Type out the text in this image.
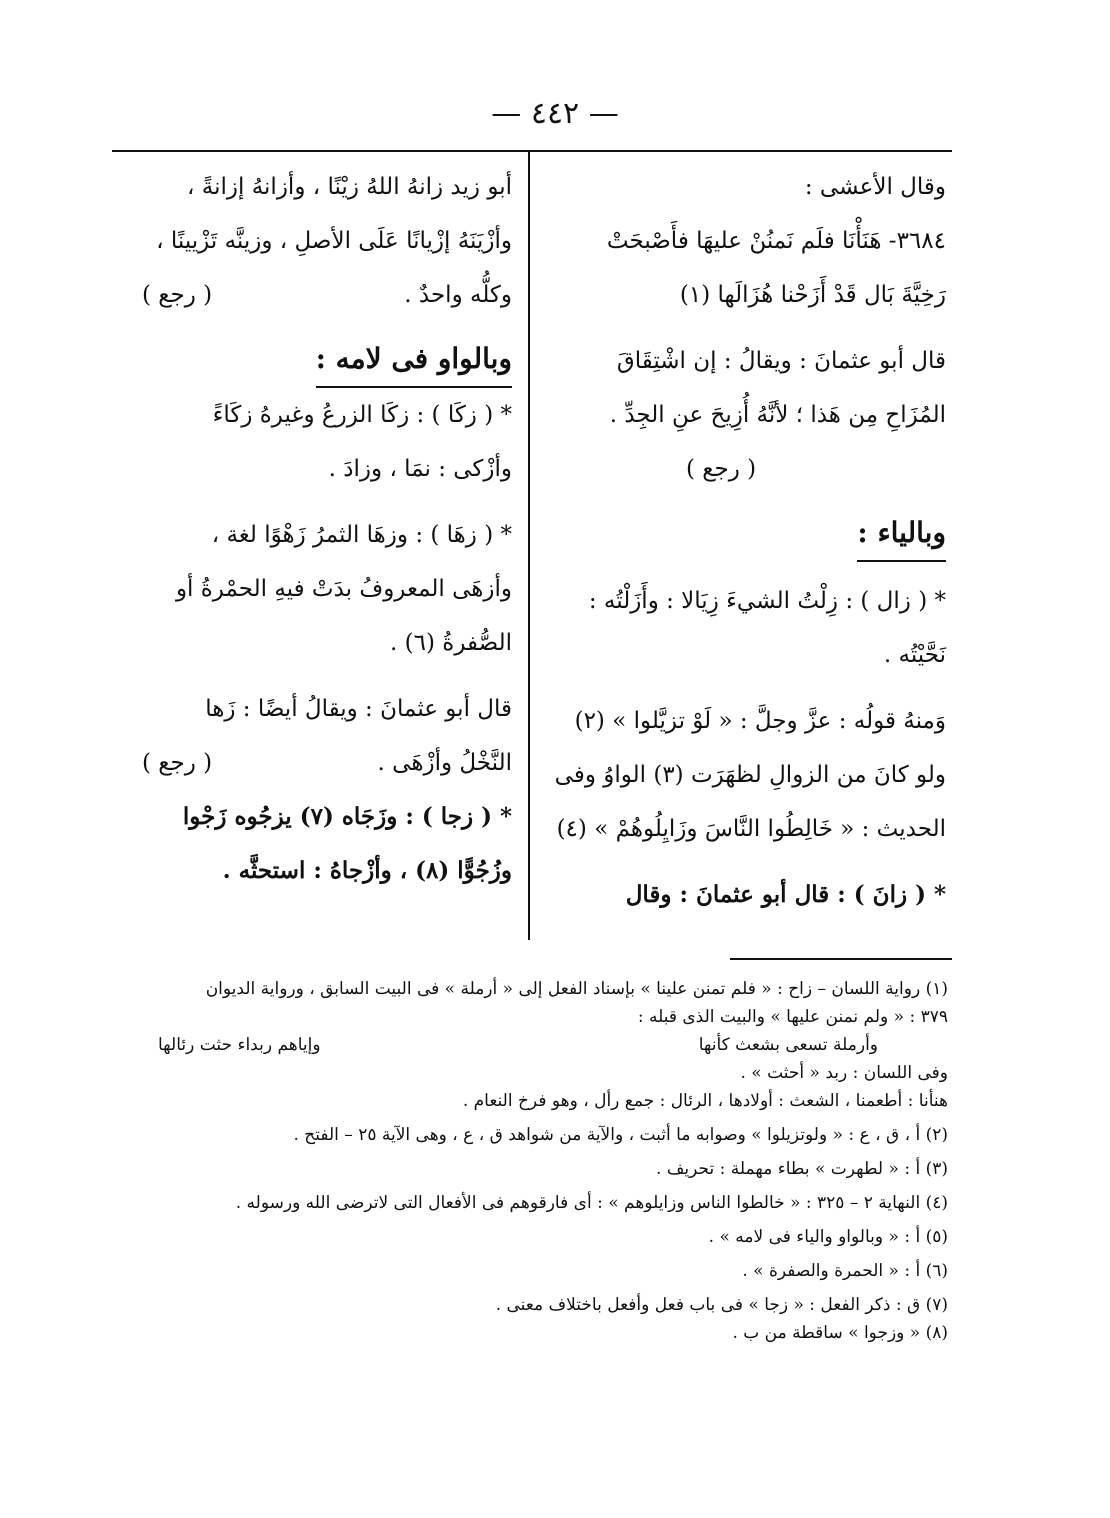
— ٤٤٢ —

وقال الأعشى :

٣٦٨٤- هَنَأْنَا فلَم نَمنُنْ عليهَا فأَصْبحَتْ

رَخِيَّةَ بَال قَدْ أَزَحْنا هُزَالَها (١)

قال أبو عثمانَ : ويقالُ : إن اشْتِقَاقَ

المُزَاحِ مِن هَذا ؛ لأنَّهُ أُزِيحَ عنِ الجِدِّ .

( رجع )

وبالياء :

* ( زال ) : زِلْتُ الشيءَ زِيَالا : وأَزَلْتُه :

نَحَّيْتُه .

وَمنهُ قولُه : عزَّ وجلَّ : « لَوْ تزيَّلوا » (٢)

ولو كانَ من الزوالِ لظهَرَت (٣) الواوُ وفى

الحديث : « خَالِطُوا النَّاسَ وزَايِلُوهُمْ » (٤)

* ( زانَ ) : قال أبو عثمانَ : وقال

أبو زيد زانهُ اللهُ زيْنًا ، وأزانهُ إزانةً ،

وأزْيَنَهُ إزْيانًا عَلَى الأصلِ ، وزينَّه تَزْيينًا ،

وكلُّه واحدٌ .
( رجع )

وبالواو فى لامه :

* ( زكَا ) : زكَا الزرعُ وغيرهُ زكَاءً

وأزْكى : نمَا ، وزادَ .

* ( زهَا ) : وزهَا الثمرُ زَهْوًا لغة ،

وأزهَى المعروفُ بدَتْ فيهِ الحمْرةُ أو

الصُّفرةُ (٦) .

قال أبو عثمانَ : ويقالُ أيضًا : زَها

النَّخْلُ وأزْهَى .
( رجع )

* ( زجا ) : وزَجَاه (٧) يزجُوه زَجْوا

وزُجُوًّا (٨) ، وأزْجاهُ : استحثَّه .

(١) رواية اللسان – زاح : « فلم تمنن علينا » بإسناد الفعل إلى « أرملة » فى البيت السابق ، ورواية الديوان

٣٧٩ : « ولم نمنن عليها » والبيت الذى قبله :

وأرملة تسعى بشعث كأنها
وإياهم ربداء حثت رئالها

وفى اللسان : ربد « أحثت » .

هنأنا : أطعمنا ، الشعث : أولادها ، الرئال : جمع رأل ، وهو فرخ النعام .

(٢) أ ، ق ، ع : « ولوتزيلوا » وصوابه ما أثبت ، والآية من شواهد ق ، ع ، وهى الآية ٢٥ – الفتح .

(٣) أ : « لطهرت » بطاء مهملة : تحريف .

(٤) النهاية ٢ – ٣٢٥ : « خالطوا الناس وزايلوهم » : أى فارقوهم فى الأفعال التى لاترضى الله ورسوله .

(٥) أ : « وبالواو والياء فى لامه » .

(٦) أ : « الحمرة والصفرة » .

(٧) ق : ذكر الفعل : « زجا » فى باب فعل وأفعل باختلاف معنى .

(٨) « وزجوا » ساقطة من ب .
